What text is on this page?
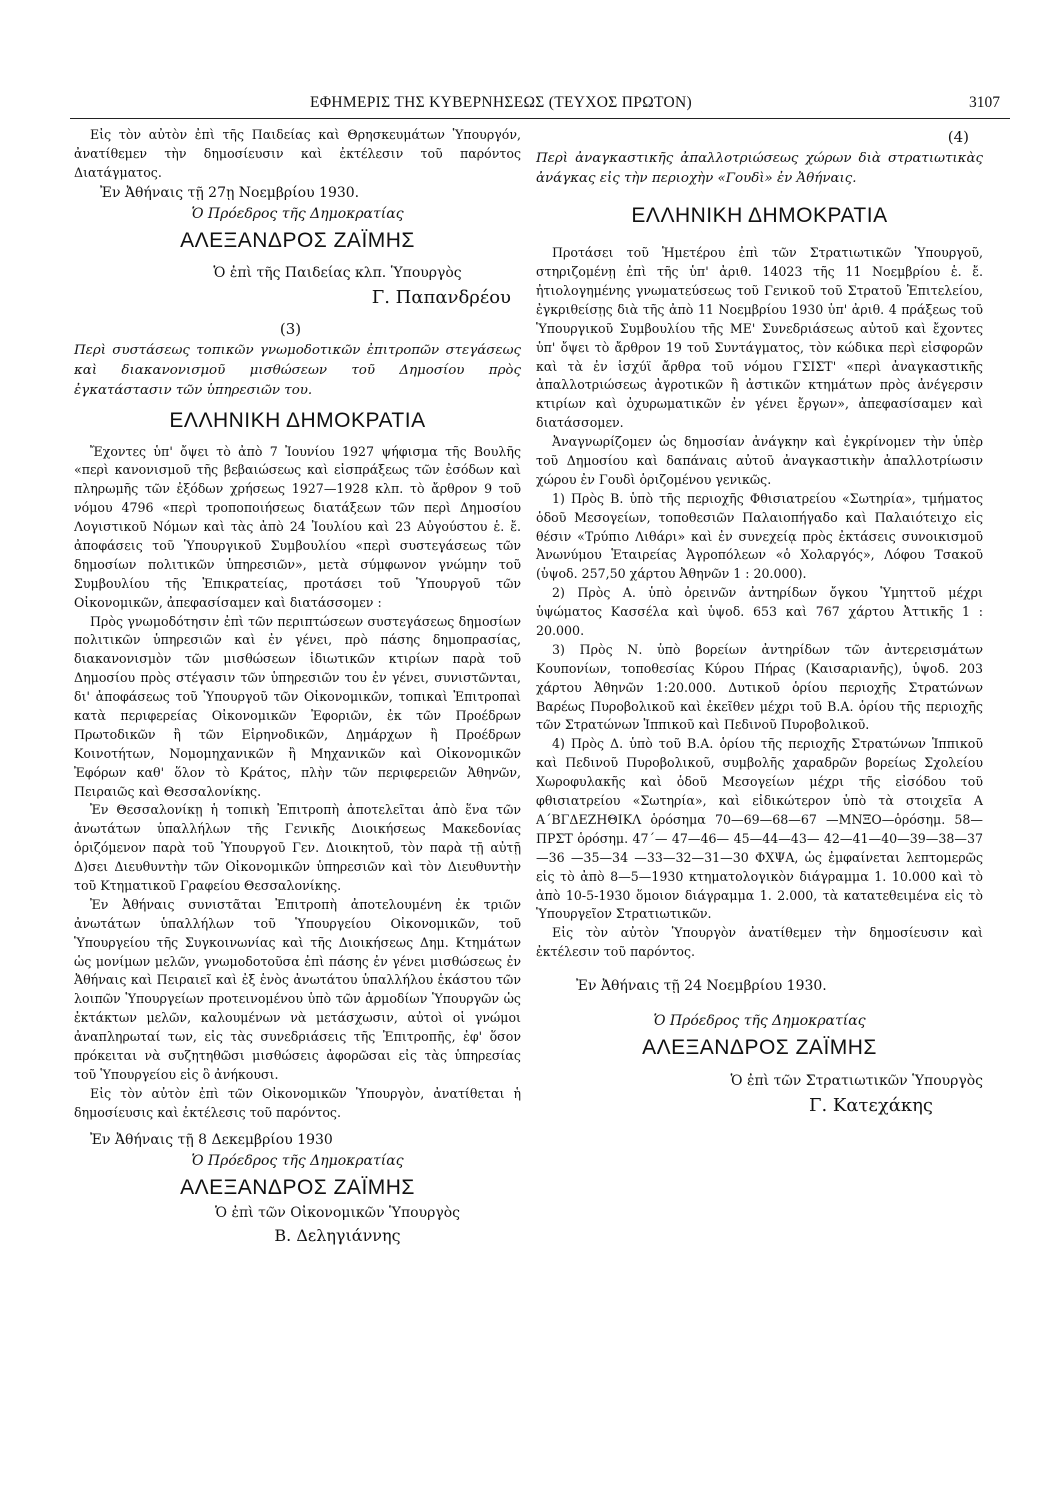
ΕΦΗΜΕΡΙΣ ΤΗΣ ΚΥΒΕΡΝΗΣΕΩΣ (ΤΕΥΧΟΣ ΠΡΩΤΟΝ)	3107

Εἰς τὸν αὐτὸν ἐπὶ τῆς Παιδείας καὶ Θρησκευμάτων Ὑπουργόν, ἀνατίθεμεν τὴν δημοσίευσιν καὶ ἐκτέλεσιν τοῦ παρόντος Διατάγματος.

Ἐν Ἀθήναις τῇ 27ῃ Νοεμβρίου 1930.

Ὁ Πρόεδρος τῆς Δημοκρατίας

ΑΛΕΞΑΝΔΡΟΣ ΖΑΪΜΗΣ

Ὁ ἐπὶ τῆς Παιδείας κλπ. Ὑπουργὸς

Γ. Παπανδρέου

(3)

Περὶ συστάσεως τοπικῶν γνωμοδοτικῶν ἐπιτροπῶν στεγάσεως καὶ διακανονισμοῦ μισθώσεων τοῦ Δημοσίου πρὸς ἐγκατάστασιν τῶν ὑπηρεσιῶν του.

ΕΛΛΗΝΙΚΗ ΔΗΜΟΚΡΑΤΙΑ

Ἔχοντες ὑπ' ὄψει τὸ ἀπὸ 7 Ἰουνίου 1927 ψήφισμα τῆς Βουλῆς «περὶ κανονισμοῦ τῆς βεβαιώσεως καὶ εἰσπράξεως τῶν ἐσόδων καὶ πληρωμῆς τῶν ἐξόδων χρήσεως 1927—1928 κλπ. τὸ ἄρθρον 9 τοῦ νόμου 4796 «περὶ τροποποιήσεως διατάξεων τῶν περὶ Δημοσίου Λογιστικοῦ Νόμων καὶ τὰς ἀπὸ 24 Ἰουλίου καὶ 23 Αὐγούστου ἑ. ἔ. ἀποφάσεις τοῦ Ὑπουργικοῦ Συμβουλίου «περὶ συστεγάσεως τῶν δημοσίων πολιτικῶν ὑπηρεσιῶν», μετὰ σύμφωνον γνώμην τοῦ Συμβουλίου τῆς Ἐπικρατείας, προτάσει τοῦ Ὑπουργοῦ τῶν Οἰκονομικῶν, ἀπεφασίσαμεν καὶ διατάσσομεν :

Πρὸς γνωμοδότησιν ἐπὶ τῶν περιπτώσεων συστεγάσεως δημοσίων πολιτικῶν ὑπηρεσιῶν καὶ ἐν γένει, πρὸ πάσης δημοπρασίας, διακανονισμὸν τῶν μισθώσεων ἰδιωτικῶν κτιρίων παρὰ τοῦ Δημοσίου πρὸς στέγασιν τῶν ὑπηρεσιῶν του ἐν γένει, συνιστῶνται, δι' ἀποφάσεως τοῦ Ὑπουργοῦ τῶν Οἰκονομικῶν, τοπικαὶ Ἐπιτροπαὶ κατὰ περιφερείας Οἰκονομικῶν Ἐφοριῶν, ἐκ τῶν Προέδρων Πρωτοδικῶν ἢ τῶν Εἰρηνοδικῶν, Δημάρχων ἢ Προέδρων Κοινοτήτων, Νομομηχανικῶν ἢ Μηχανικῶν καὶ Οἰκονομικῶν Ἐφόρων καθ' ὅλον τὸ Κράτος, πλὴν τῶν περιφερειῶν Ἀθηνῶν, Πειραιῶς καὶ Θεσσαλονίκης.

Ἐν Θεσσαλονίκῃ ἡ τοπικὴ Ἐπιτροπὴ ἀποτελεῖται ἀπὸ ἕνα τῶν ἀνωτάτων ὑπαλλήλων τῆς Γενικῆς Διοικήσεως Μακεδονίας ὁριζόμενον παρὰ τοῦ Ὑπουργοῦ Γεν. Διοικητοῦ, τὸν παρὰ τῇ αὐτῇ Δ)σει Διευθυντὴν τῶν Οἰκονομικῶν ὑπηρεσιῶν καὶ τὸν Διευθυντὴν τοῦ Κτηματικοῦ Γραφείου Θεσσαλονίκης.

Ἐν Ἀθήναις συνιστᾶται Ἐπιτροπὴ ἀποτελουμένη ἐκ τριῶν ἀνωτάτων ὑπαλλήλων τοῦ Ὑπουργείου Οἰκονομικῶν, τοῦ Ὑπουργείου τῆς Συγκοινωνίας καὶ τῆς Διοικήσεως Δημ. Κτημάτων ὡς μονίμων μελῶν, γνωμοδοτοῦσα ἐπὶ πάσης ἐν γένει μισθώσεως ἐν Ἀθήναις καὶ Πειραιεῖ καὶ ἐξ ἑνὸς ἀνωτάτου ὑπαλλήλου ἑκάστου τῶν λοιπῶν Ὑπουργείων προτεινομένου ὑπὸ τῶν ἁρμοδίων Ὑπουργῶν ὡς ἐκτάκτων μελῶν, καλουμένων νὰ μετάσχωσιν, αὐτοὶ οἱ γνώμοι ἀναπληρωταί των, εἰς τὰς συνεδριάσεις τῆς Ἐπιτροπῆς, ἐφ' ὅσον πρόκειται νὰ συζητηθῶσι μισθώσεις ἀφορῶσαι εἰς τὰς ὑπηρεσίας τοῦ Ὑπουργείου εἰς ὃ ἀνήκουσι.

Εἰς τὸν αὐτὸν ἐπὶ τῶν Οἰκονομικῶν Ὑπουργὸν, ἀνατίθεται ἡ δημοσίευσις καὶ ἐκτέλεσις τοῦ παρόντος.

Ἐν Ἀθήναις τῇ 8 Δεκεμβρίου 1930

Ὁ Πρόεδρος τῆς Δημοκρατίας

ΑΛΕΞΑΝΔΡΟΣ ΖΑΪΜΗΣ

Ὁ ἐπὶ τῶν Οἰκονομικῶν Ὑπουργὸς

Β. Δεληγιάννης

(4)

Περὶ ἀναγκαστικῆς ἀπαλλοτριώσεως χώρων διὰ στρατιωτικὰς ἀνάγκας εἰς τὴν περιοχὴν «Γουδὶ» ἐν Ἀθήναις.

ΕΛΛΗΝΙΚΗ ΔΗΜΟΚΡΑΤΙΑ

Προτάσει τοῦ Ἡμετέρου ἐπὶ τῶν Στρατιωτικῶν Ὑπουργοῦ, στηριζομένῃ ἐπὶ τῆς ὑπ' ἀριθ. 14023 τῆς 11 Νοεμβρίου ἑ. ἔ. ἠτιολογημένης γνωματεύσεως τοῦ Γενικοῦ τοῦ Στρατοῦ Ἐπιτελείου, ἐγκριθείσῃς διὰ τῆς ἀπὸ 11 Νοεμβρίου 1930 ὑπ' ἀριθ. 4 πράξεως τοῦ Ὑπουργικοῦ Συμβουλίου τῆς ΜΕ' Συνεδριάσεως αὐτοῦ καὶ ἔχοντες ὑπ' ὄψει τὸ ἄρθρον 19 τοῦ Συντάγματος, τὸν κώδικα περὶ εἰσφορῶν καὶ τὰ ἐν ἰσχύϊ ἄρθρα τοῦ νόμου ΓΣΙΣΤ' «περὶ ἀναγκαστικῆς ἀπαλλοτριώσεως ἀγροτικῶν ἢ ἀστικῶν κτημάτων πρὸς ἀνέγερσιν κτιρίων καὶ ὀχυρωματικῶν ἐν γένει ἔργων», ἀπεφασίσαμεν καὶ διατάσσομεν.

Ἀναγνωρίζομεν ὡς δημοσίαν ἀνάγκην καὶ ἐγκρίνομεν τὴν ὑπὲρ τοῦ Δημοσίου καὶ δαπάναις αὐτοῦ ἀναγκαστικὴν ἀπαλλοτρίωσιν χώρου ἐν Γουδὶ ὁριζομένου γενικῶς.

1) Πρὸς Β. ὑπὸ τῆς περιοχῆς Φθισιατρείου «Σωτηρία», τμήματος ὁδοῦ Μεσογείων, τοποθεσιῶν Παλαιοπήγαδο καὶ Παλαιότειχο εἰς θέσιν «Τρύπιο Λιθάρι» καὶ ἐν συνεχείᾳ πρὸς ἐκτάσεις συνοικισμοῦ Ἀνωνύμου Ἑταιρείας Ἀγροπόλεων «ὁ Χολαργός», Λόφου Τσακοῦ (ὑψοδ. 257,50 χάρτου Ἀθηνῶν 1 : 20.000).

2) Πρὸς Α. ὑπὸ ὀρεινῶν ἀντηρίδων ὄγκου Ὑμηττοῦ μέχρι ὑψώματος Κασσέλα καὶ ὑψοδ. 653 καὶ 767 χάρτου Ἀττικῆς 1 : 20.000.

3) Πρὸς Ν. ὑπὸ βορείων ἀντηρίδων τῶν ἀντερεισμάτων Κουπονίων, τοποθεσίας Κύρου Πήρας (Καισαριανῆς), ὑψοδ. 203 χάρτου Ἀθηνῶν 1:20.000. Δυτικοῦ ὁρίου περιοχῆς Στρατώνων Βαρέως Πυροβολικοῦ καὶ ἐκεῖθεν μέχρι τοῦ Β.Α. ὁρίου τῆς περιοχῆς τῶν Στρατώνων Ἱππικοῦ καὶ Πεδινοῦ Πυροβολικοῦ.

4) Πρὸς Δ. ὑπὸ τοῦ Β.Α. ὁρίου τῆς περιοχῆς Στρατώνων Ἱππικοῦ καὶ Πεδινοῦ Πυροβολικοῦ, συμβολῆς χαραδρῶν βορείως Σχολείου Χωροφυλακῆς καὶ ὁδοῦ Μεσογείων μέχρι τῆς εἰσόδου τοῦ φθισιατρείου «Σωτηρία», καὶ εἰδικώτερον ὑπὸ τὰ στοιχεῖα Α Α΄ΒΓΔΕΖΗΘΙΚΛ ὁρόσημα 70—69—68—67 —ΜΝΞΟ—ὁρόσημ. 58—ΠΡΣΤ ὁρόσημ. 47΄— 47—46— 45—44—43— 42—41—40—39—38—37—36 —35—34 —33—32—31—30 ΦΧΨΑ, ὡς ἐμφαίνεται λεπτομερῶς εἰς τὸ ἀπὸ 8—5—1930 κτηματολογικὸν διάγραμμα 1. 10.000 καὶ τὸ ἀπὸ 10-5-1930 ὅμοιον διάγραμμα 1. 2.000, τὰ κατατεθειμένα εἰς τὸ Ὑπουργεῖον Στρατιωτικῶν.

Εἰς τὸν αὐτὸν Ὑπουργὸν ἀνατίθεμεν τὴν δημοσίευσιν καὶ ἐκτέλεσιν τοῦ παρόντος.

Ἐν Ἀθήναις τῇ 24 Νοεμβρίου 1930.

Ὁ Πρόεδρος τῆς Δημοκρατίας

ΑΛΕΞΑΝΔΡΟΣ ΖΑΪΜΗΣ

Ὁ ἐπὶ τῶν Στρατιωτικῶν Ὑπουργὸς

Γ. Κατεχάκης
